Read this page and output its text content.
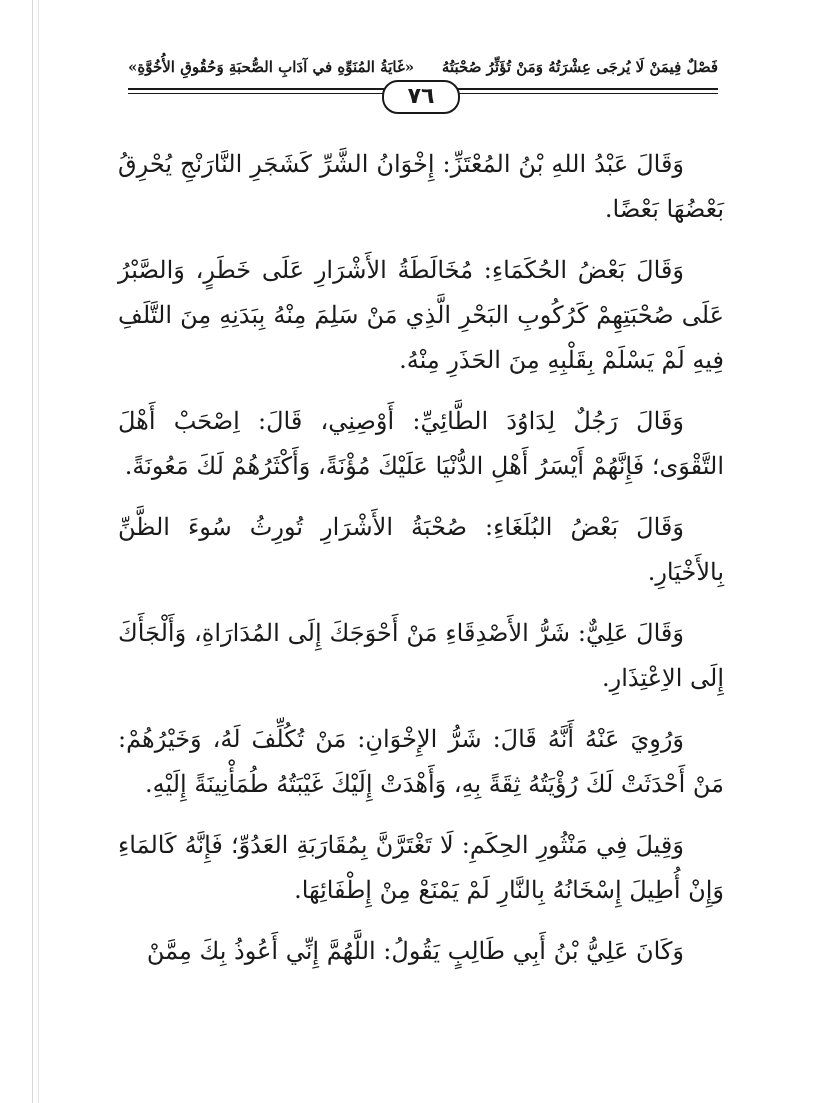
فَصْلٌ فِيمَنْ لَا يُرجَى عِشْرَتُهُ وَمَنْ تُؤَثِّرُ صُحْبَتُهُ
«غَايَةُ المُنَوِّهِ في آدَابِ الصُّحبَةِ وَحُقُوقِ الأُخُوَّةِ»
٧٦

وَقَالَ عَبْدُ اللهِ بْنُ المُعْتَزِّ: إِخْوَانُ الشَّرِّ كَشَجَرِ النَّارَنْجِ يُحْرِقُ بَعْضُهَا بَعْضًا.

وَقَالَ بَعْضُ الحُكَمَاءِ: مُخَالَطَةُ الأَشْرَارِ عَلَى خَطَرٍ، وَالصَّبْرُ عَلَى صُحْبَتِهِمْ كَرُكُوبِ البَحْرِ الَّذِي مَنْ سَلِمَ مِنْهُ بِبَدَنِهِ مِنَ التَّلَفِ فِيهِ لَمْ يَسْلَمْ بِقَلْبِهِ مِنَ الحَذَرِ مِنْهُ.

وَقَالَ رَجُلٌ لِدَاوُدَ الطَّائِيِّ: أَوْصِنِي، قَالَ: اِصْحَبْ أَهْلَ التَّقْوَى؛ فَإِنَّهُمْ أَيْسَرُ أَهْلِ الدُّنْيَا عَلَيْكَ مُؤْنَةً، وَأَكْثَرُهُمْ لَكَ مَعُونَةً.

وَقَالَ بَعْضُ البُلَغَاءِ: صُحْبَةُ الأَشْرَارِ تُورِثُ سُوءَ الظَّنِّ بِالأَخْيَارِ.

وَقَالَ عَلِيٌّ: شَرُّ الأَصْدِقَاءِ مَنْ أَحْوَجَكَ إِلَى المُدَارَاةِ، وَأَلْجَأَكَ إِلَى الاِعْتِذَارِ.

وَرُوِيَ عَنْهُ أَنَّهُ قَالَ: شَرُّ الإِخْوَانِ: مَنْ تُكُلِّفَ لَهُ، وَخَيْرُهُمْ: مَنْ أَحْدَثَتْ لَكَ رُؤْيَتُهُ ثِقَةً بِهِ، وَأَهْدَتْ إِلَيْكَ غَيْبَتُهُ طُمَأْنِينَةً إِلَيْهِ.

وَقِيلَ فِي مَنْثُورِ الحِكَمِ: لَا تَغْتَرَّنَّ بِمُقَارَبَةِ العَدُوِّ؛ فَإِنَّهُ كَالمَاءِ وَإِنْ أُطِيلَ إِسْخَانُهُ بِالنَّارِ لَمْ يَمْنَعْ مِنْ إِطْفَائِهَا.

وَكَانَ عَلِيُّ بْنُ أَبِي طَالِبٍ يَقُولُ: اللَّهُمَّ إِنِّي أَعُوذُ بِكَ مِمَّنْ
